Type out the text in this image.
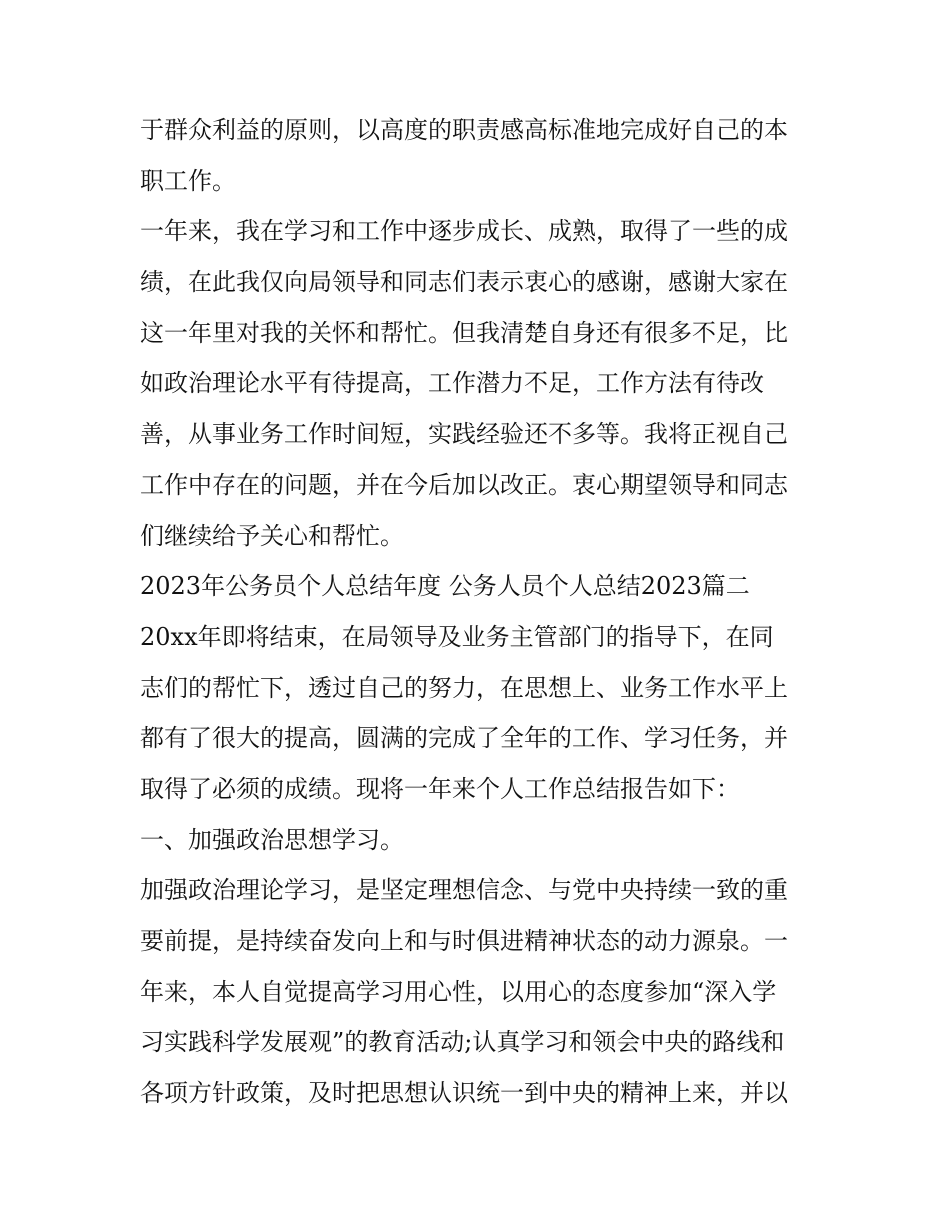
于群众利益的原则，以高度的职责感高标准地完成好自己的本
职工作。
一年来，我在学习和工作中逐步成长、成熟，取得了一些的成
绩，在此我仅向局领导和同志们表示衷心的感谢，感谢大家在
这一年里对我的关怀和帮忙。但我清楚自身还有很多不足，比
如政治理论水平有待提高，工作潜力不足，工作方法有待改
善，从事业务工作时间短，实践经验还不多等。我将正视自己
工作中存在的问题，并在今后加以改正。衷心期望领导和同志
们继续给予关心和帮忙。
2023年公务员个人总结年度 公务人员个人总结2023篇二
20xx年即将结束，在局领导及业务主管部门的指导下，在同
志们的帮忙下，透过自己的努力，在思想上、业务工作水平上
都有了很大的提高，圆满的完成了全年的工作、学习任务，并
取得了必须的成绩。现将一年来个人工作总结报告如下：
一、加强政治思想学习。
加强政治理论学习，是坚定理想信念、与党中央持续一致的重
要前提，是持续奋发向上和与时俱进精神状态的动力源泉。一
年来，本人自觉提高学习用心性，以用心的态度参加“深入学
习实践科学发展观”的教育活动;认真学习和领会中央的路线和
各项方针政策，及时把思想认识统一到中央的精神上来，并以
